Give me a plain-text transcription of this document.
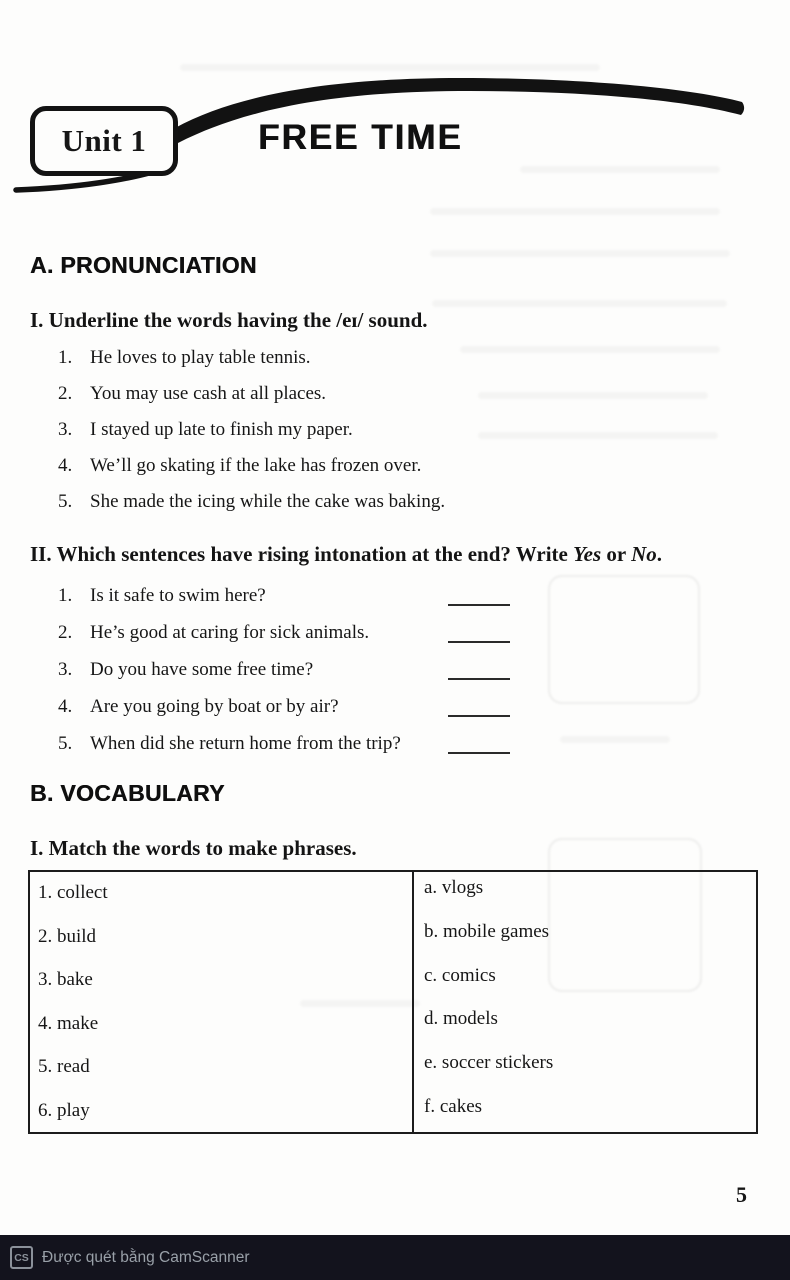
Unit 1	FREE TIME
A. PRONUNCIATION
I. Underline the words having the /eɪ/ sound.
1. He loves to play table tennis.
2. You may use cash at all places.
3. I stayed up late to finish my paper.
4. We’ll go skating if the lake has frozen over.
5. She made the icing while the cake was baking.
II. Which sentences have rising intonation at the end? Write Yes or No.
1. Is it safe to swim here?
2. He’s good at caring for sick animals.
3. Do you have some free time?
4. Are you going by boat or by air?
5. When did she return home from the trip?
B. VOCABULARY
I. Match the words to make phrases.
1. collect
2. build
3. bake
4. make
5. read
6. play
a. vlogs
b. mobile games
c. comics
d. models
e. soccer stickers
f. cakes
5
CS Được quét bằng CamScanner
